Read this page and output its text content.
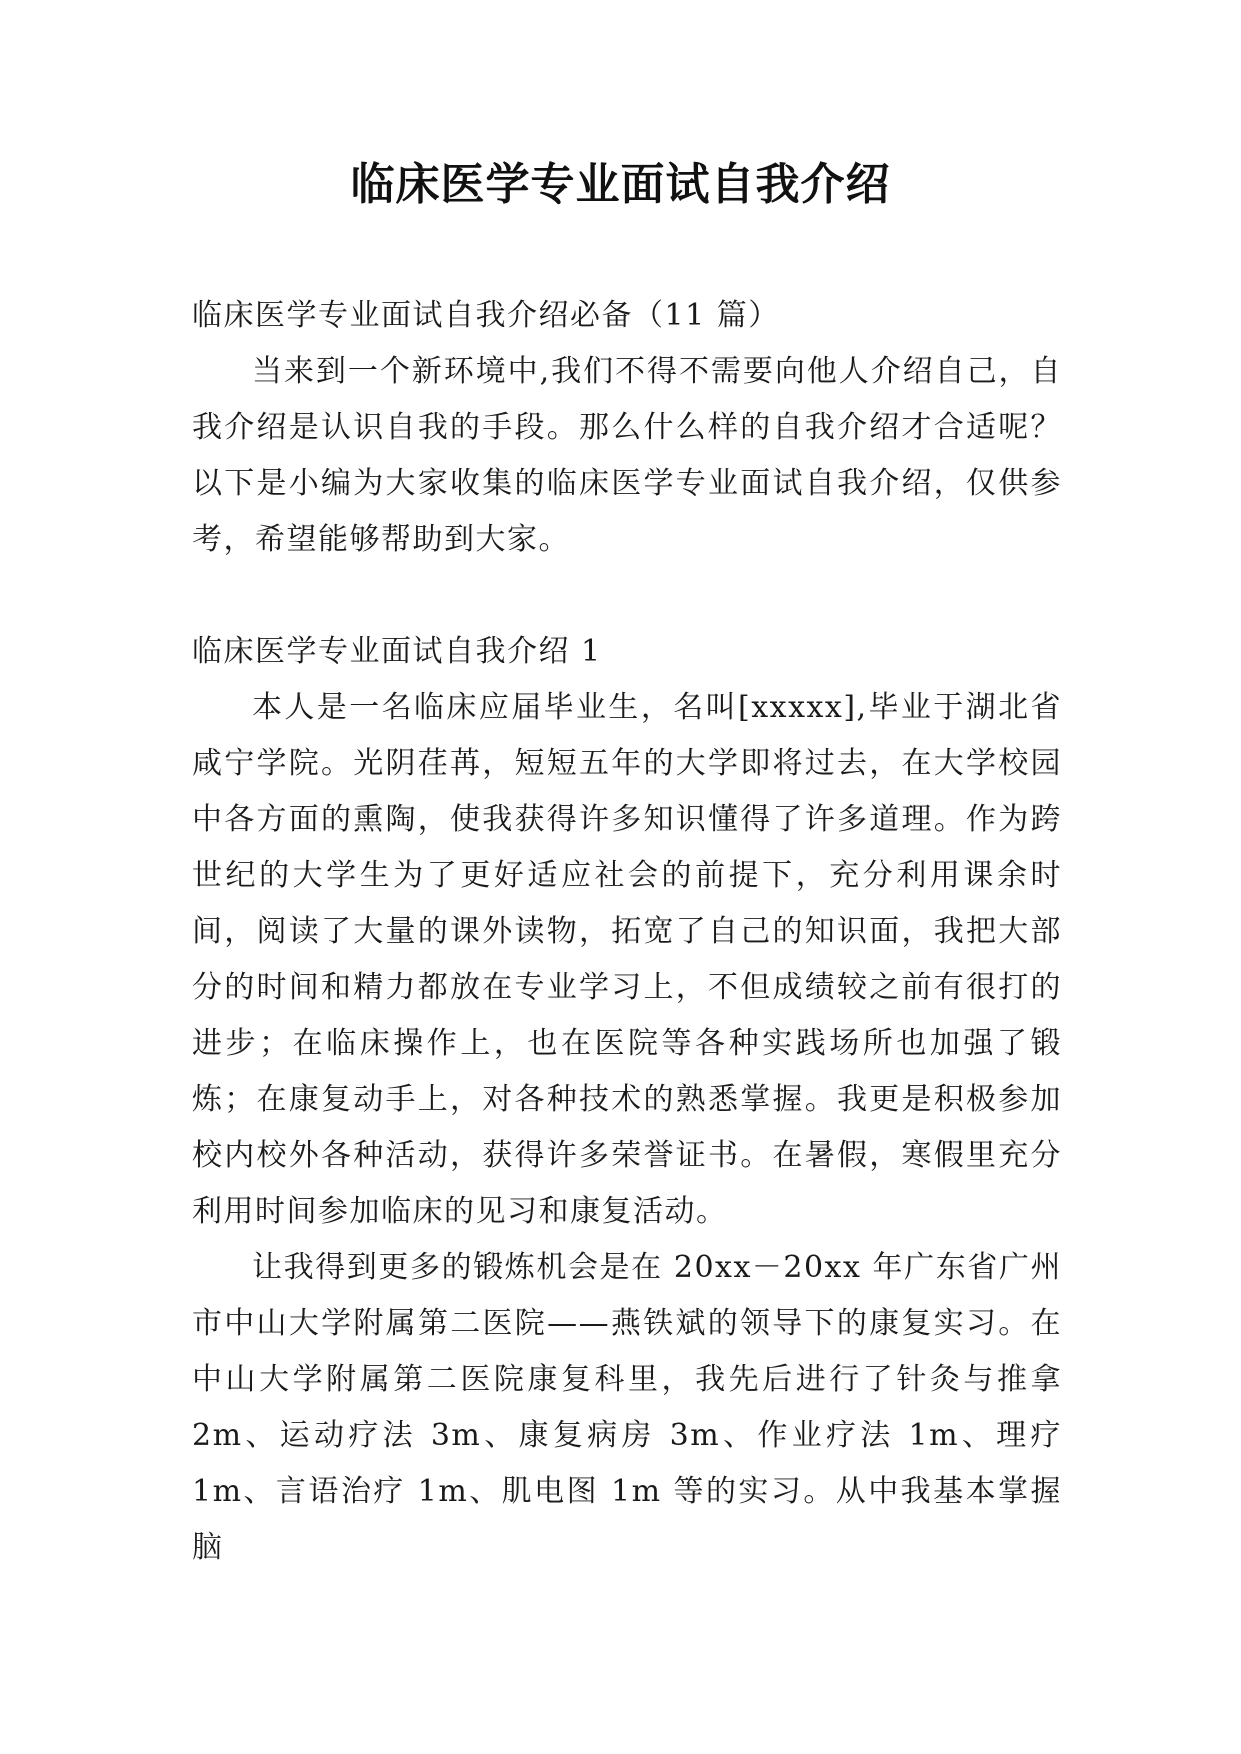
临床医学专业面试自我介绍

临床医学专业面试自我介绍必备（11 篇）

当来到一个新环境中,我们不得不需要向他人介绍自己，自我介绍是认识自我的手段。那么什么样的自我介绍才合适呢？以下是小编为大家收集的临床医学专业面试自我介绍，仅供参考，希望能够帮助到大家。

临床医学专业面试自我介绍 1

本人是一名临床应届毕业生，名叫[xxxxx],毕业于湖北省咸宁学院。光阴荏苒，短短五年的大学即将过去，在大学校园中各方面的熏陶，使我获得许多知识懂得了许多道理。作为跨世纪的大学生为了更好适应社会的前提下，充分利用课余时间，阅读了大量的课外读物，拓宽了自己的知识面，我把大部分的时间和精力都放在专业学习上，不但成绩较之前有很打的进步；在临床操作上，也在医院等各种实践场所也加强了锻炼；在康复动手上，对各种技术的熟悉掌握。我更是积极参加校内校外各种活动，获得许多荣誉证书。在暑假，寒假里充分利用时间参加临床的见习和康复活动。

让我得到更多的锻炼机会是在 20xx－20xx 年广东省广州市中山大学附属第二医院——燕铁斌的领导下的康复实习。在中山大学附属第二医院康复科里，我先后进行了针灸与推拿 2m、运动疗法 3m、康复病房 3m、作业疗法 1m、理疗 1m、言语治疗 1m、肌电图 1m 等的实习。从中我基本掌握脑
